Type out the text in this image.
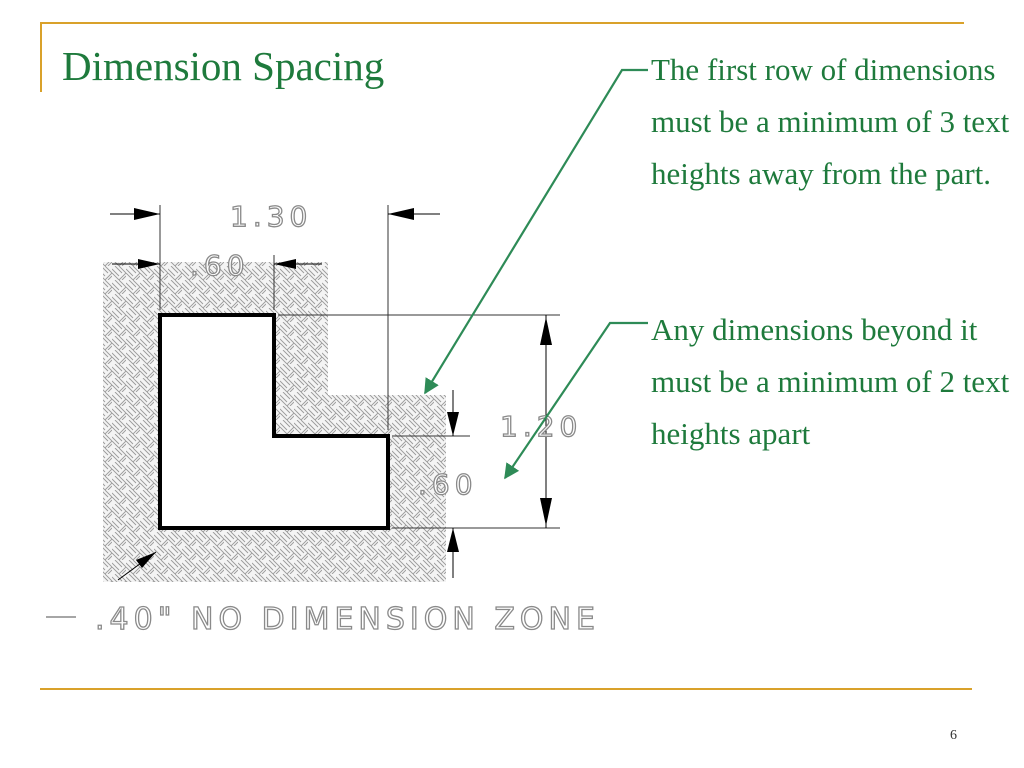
Dimension Spacing
1.30
.60
1.20
.60
.40" NO DIMENSION ZONE

The first row of dimensions must be a minimum of 3 text heights away from the part.

Any dimensions beyond it must be a minimum of 2 text heights apart

6
